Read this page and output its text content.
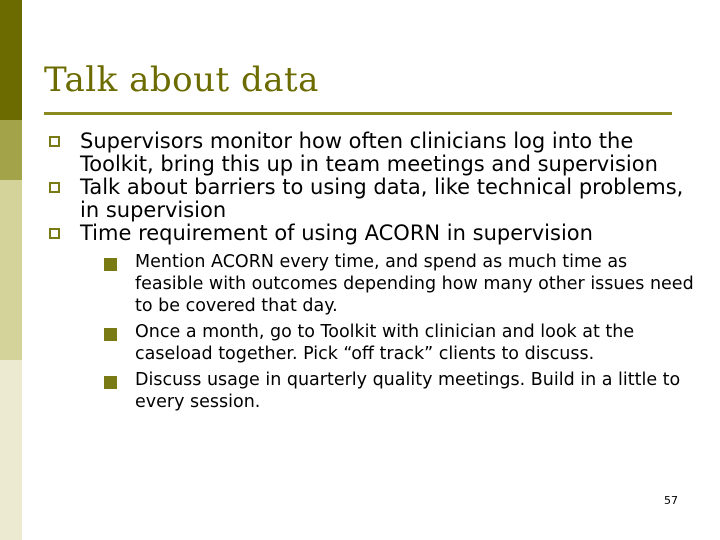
Talk about data
Supervisors monitor how often clinicians log into the Toolkit, bring this up in team meetings and supervision
Talk about barriers to using data, like technical problems, in supervision
Time requirement of using ACORN in supervision
Mention ACORN every time, and spend as much time as feasible with outcomes depending how many other issues need to be covered that day.
Once a month, go to Toolkit with clinician and look at the caseload together. Pick “off track” clients to discuss.
Discuss usage in quarterly quality meetings. Build in a little to every session.
57
